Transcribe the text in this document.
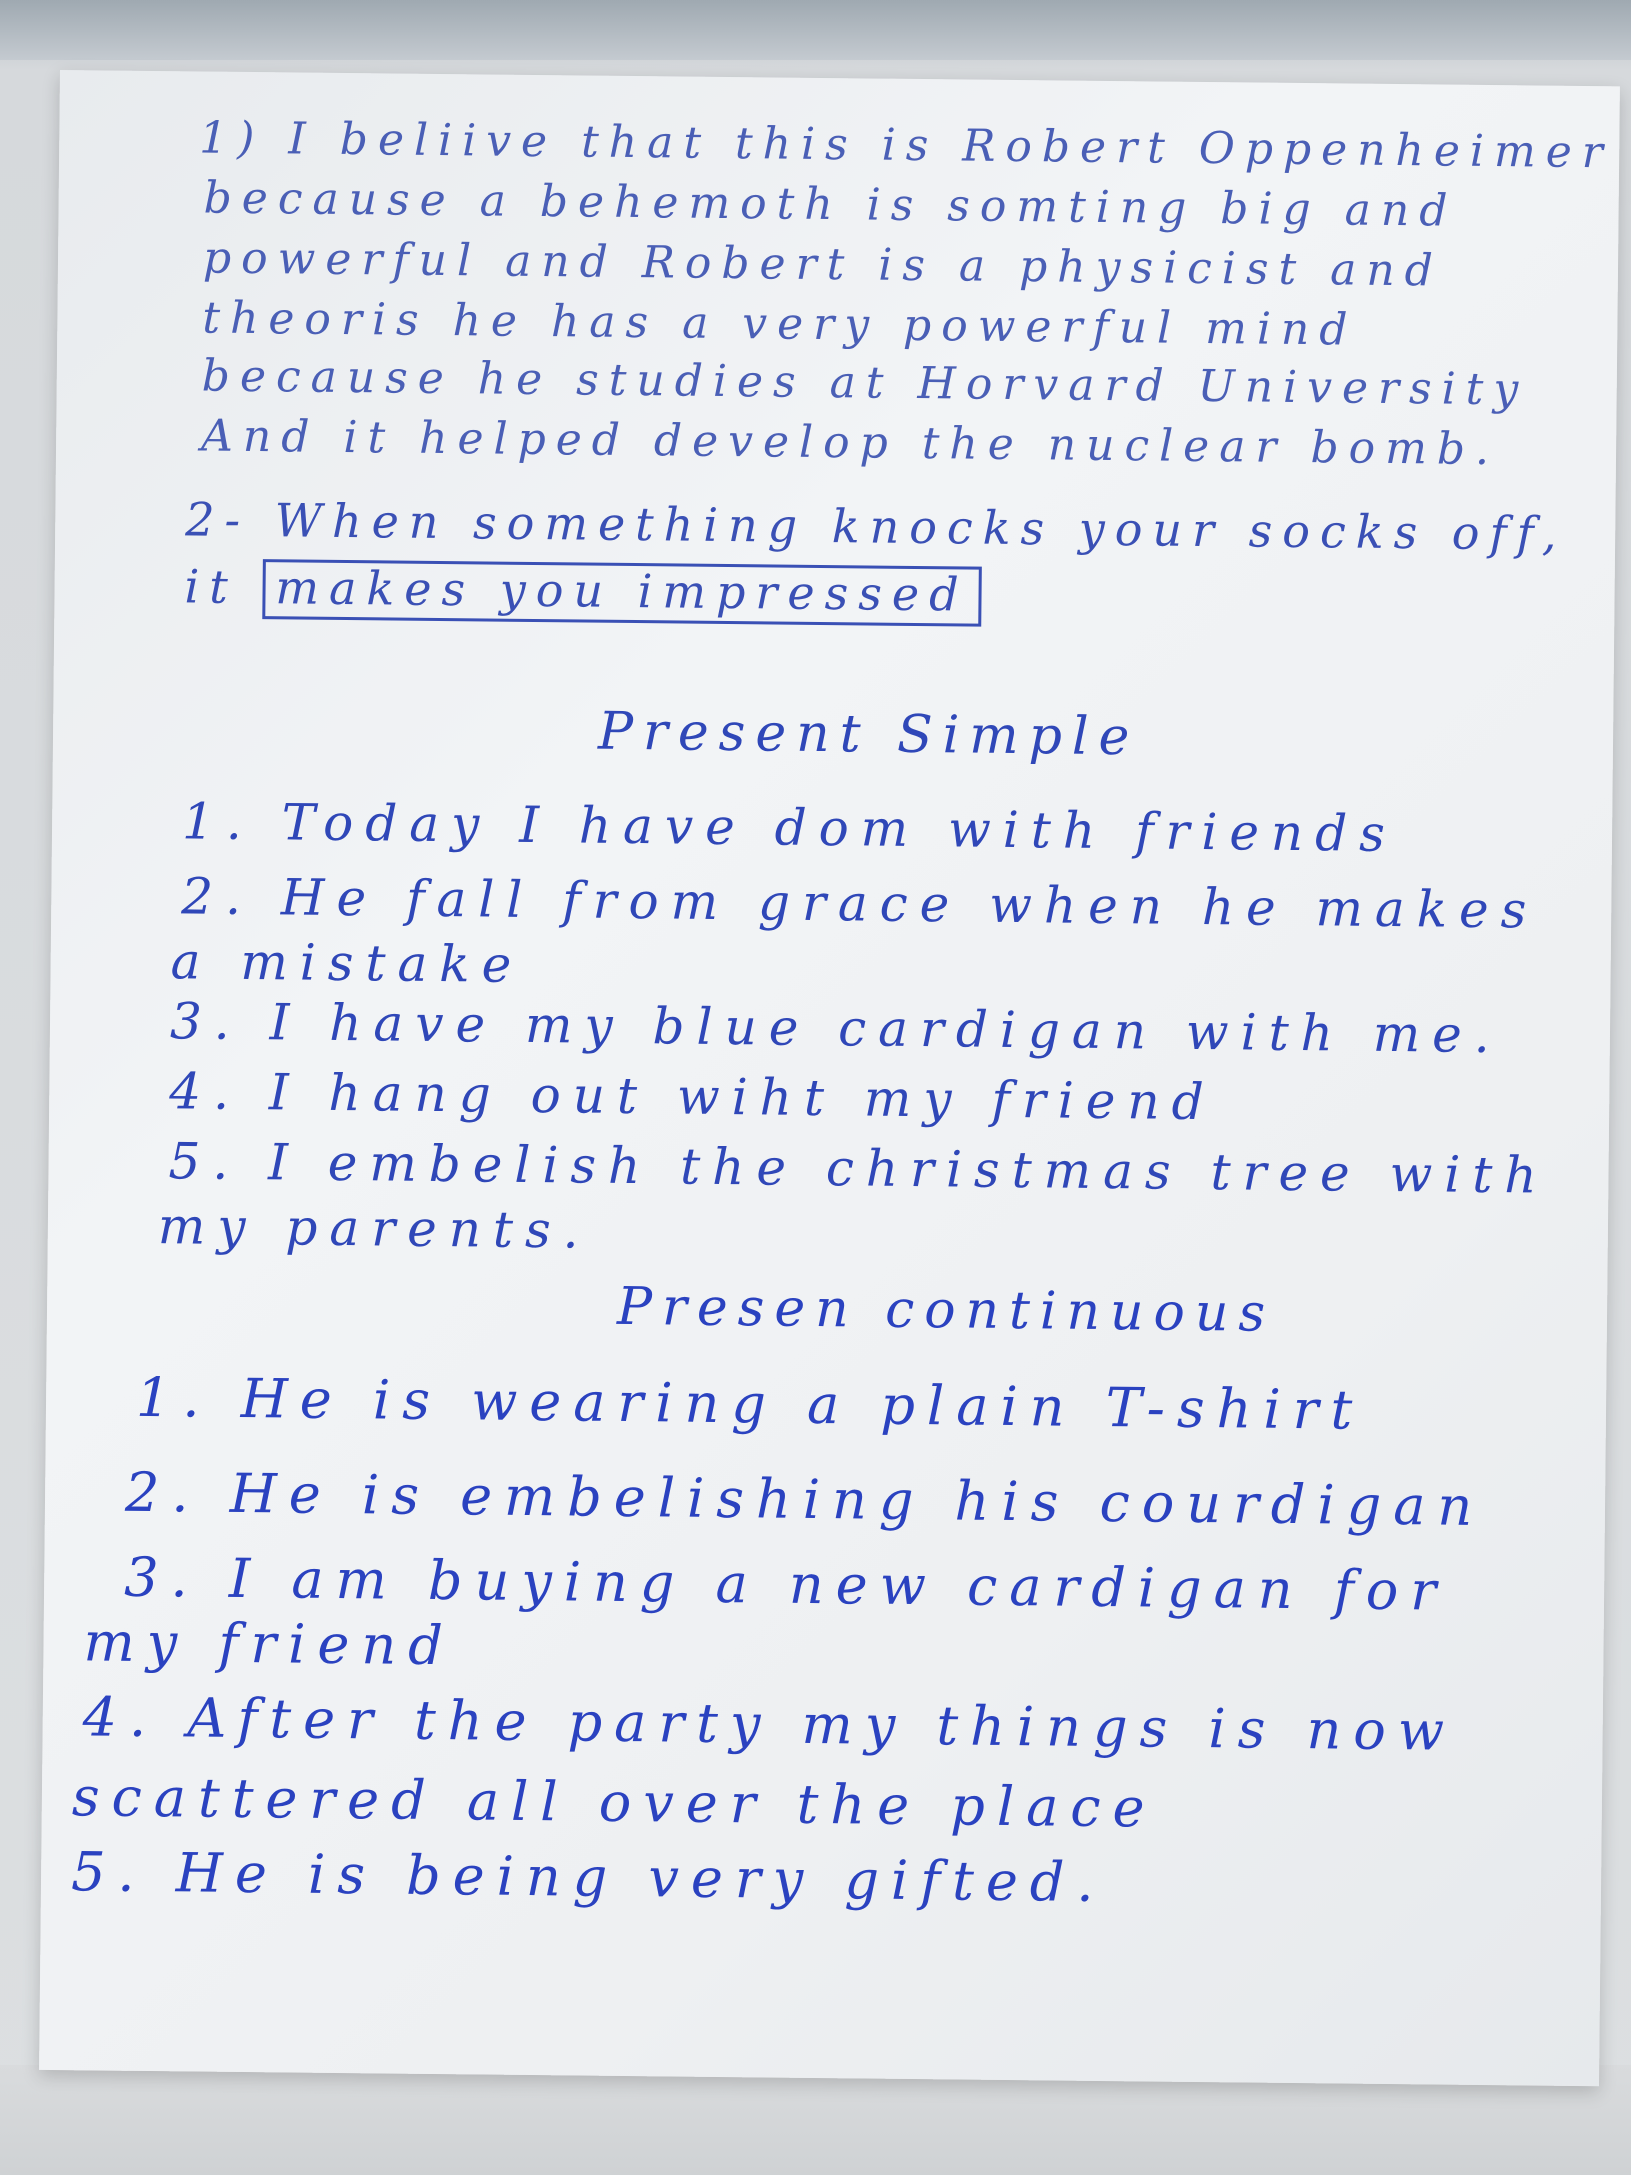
1) I beliive that this is Robert Oppenheimer

because a behemoth is somting big and

powerful and Robert is a physicist and

theoris he has a very powerful mind

because he studies at Horvard University

And it helped develop the nuclear bomb.

2- When something knocks your socks off,

it makes you impressed

Present Simple

1. Today I have dom with friends

2. He fall from grace when he makes

a mistake

3. I have my blue cardigan with me.

4. I hang out wiht my friend

5. I embelish the christmas tree with

my parents.

Presen continuous

1. He is wearing a plain T-shirt

2. He is embelishing his courdigan

3. I am buying a new cardigan for

my friend

4. After the party my things is now

scattered all over the place

5. He is being very gifted.
